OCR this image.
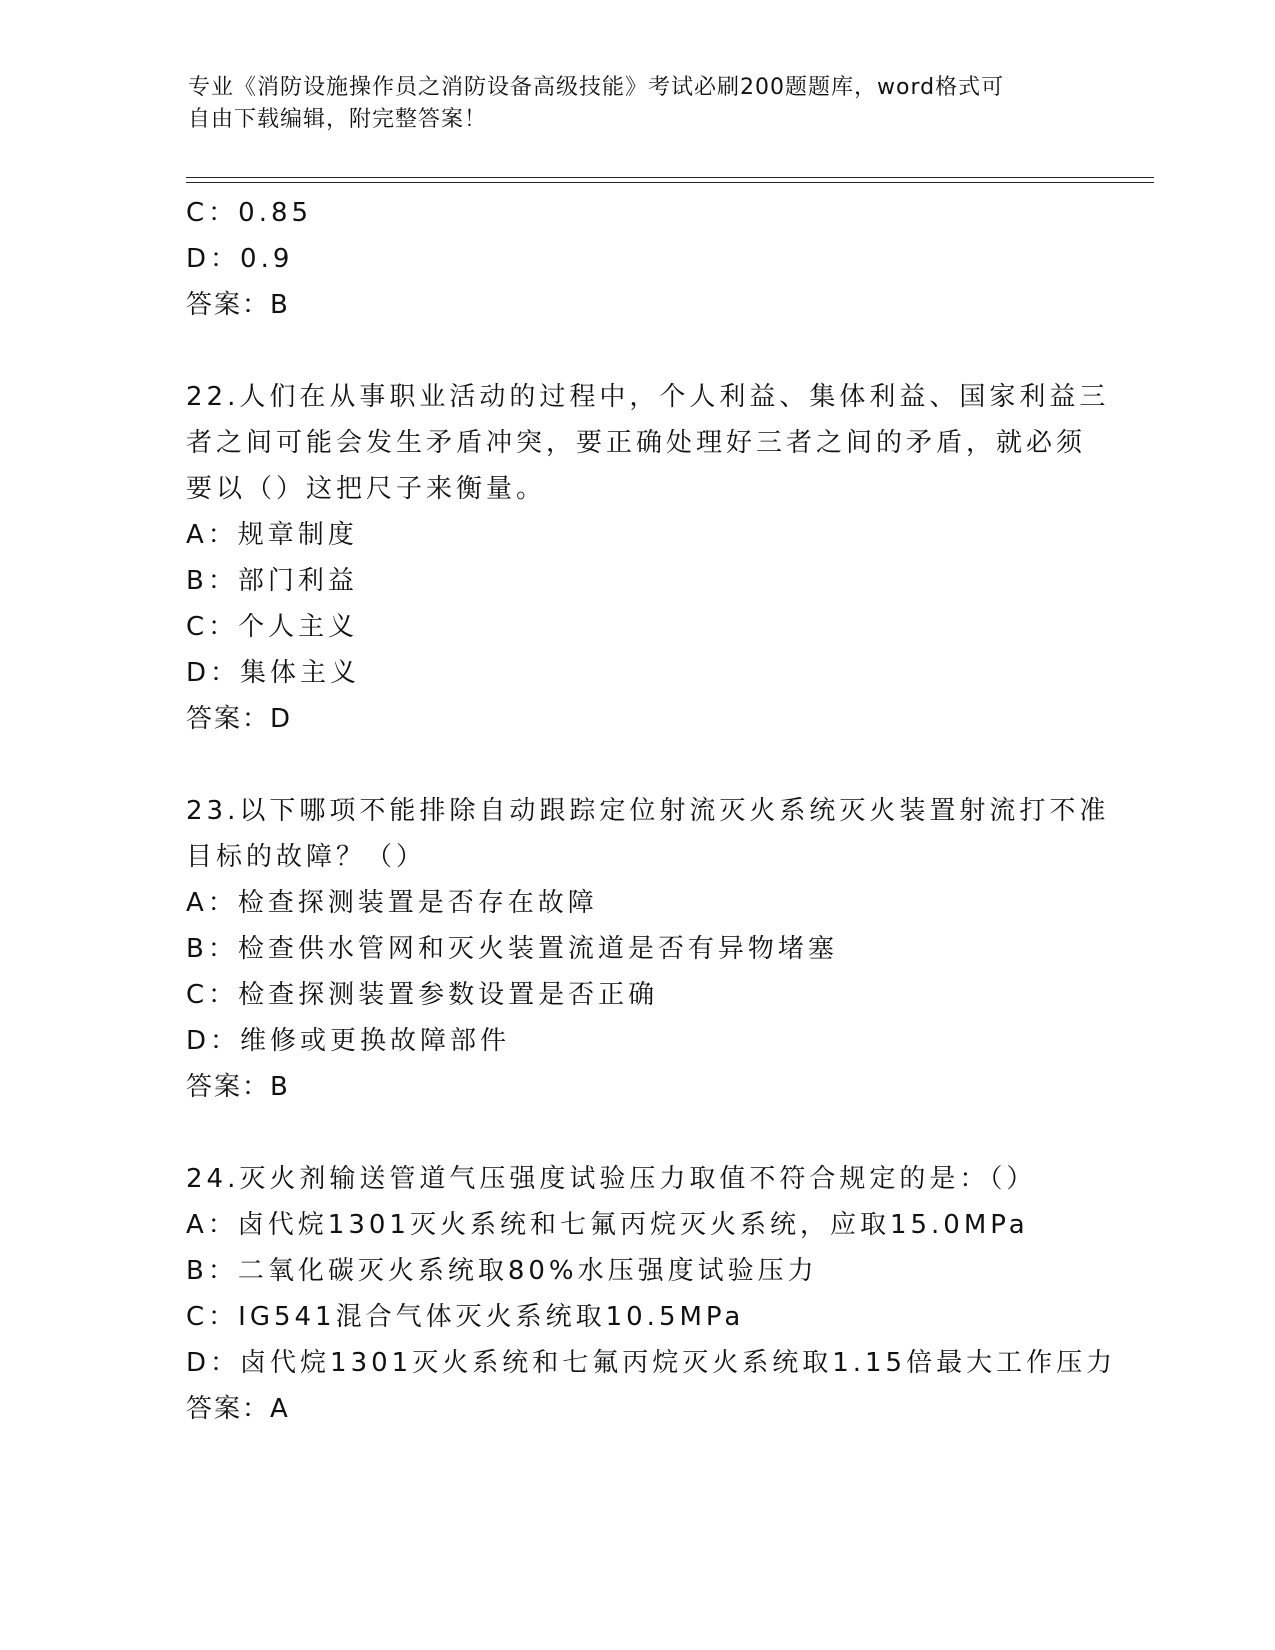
专业《消防设施操作员之消防设备高级技能》考试必刷200题题库，word格式可
自由下载编辑，附完整答案！
C：0.85
D：0.9
答案：B
22.人们在从事职业活动的过程中，个人利益、集体利益、国家利益三
者之间可能会发生矛盾冲突，要正确处理好三者之间的矛盾，就必须
要以（）这把尺子来衡量。
A：规章制度
B：部门利益
C：个人主义
D：集体主义
答案：D
23.以下哪项不能排除自动跟踪定位射流灭火系统灭火装置射流打不准
目标的故障？（）
A：检查探测装置是否存在故障
B：检查供水管网和灭火装置流道是否有异物堵塞
C：检查探测装置参数设置是否正确
D：维修或更换故障部件
答案：B
24.灭火剂输送管道气压强度试验压力取值不符合规定的是：（）
A：卤代烷1301灭火系统和七氟丙烷灭火系统，应取15.0MPa
B：二氧化碳灭火系统取80%水压强度试验压力
C：IG541混合气体灭火系统取10.5MPa
D：卤代烷1301灭火系统和七氟丙烷灭火系统取1.15倍最大工作压力
答案：A
